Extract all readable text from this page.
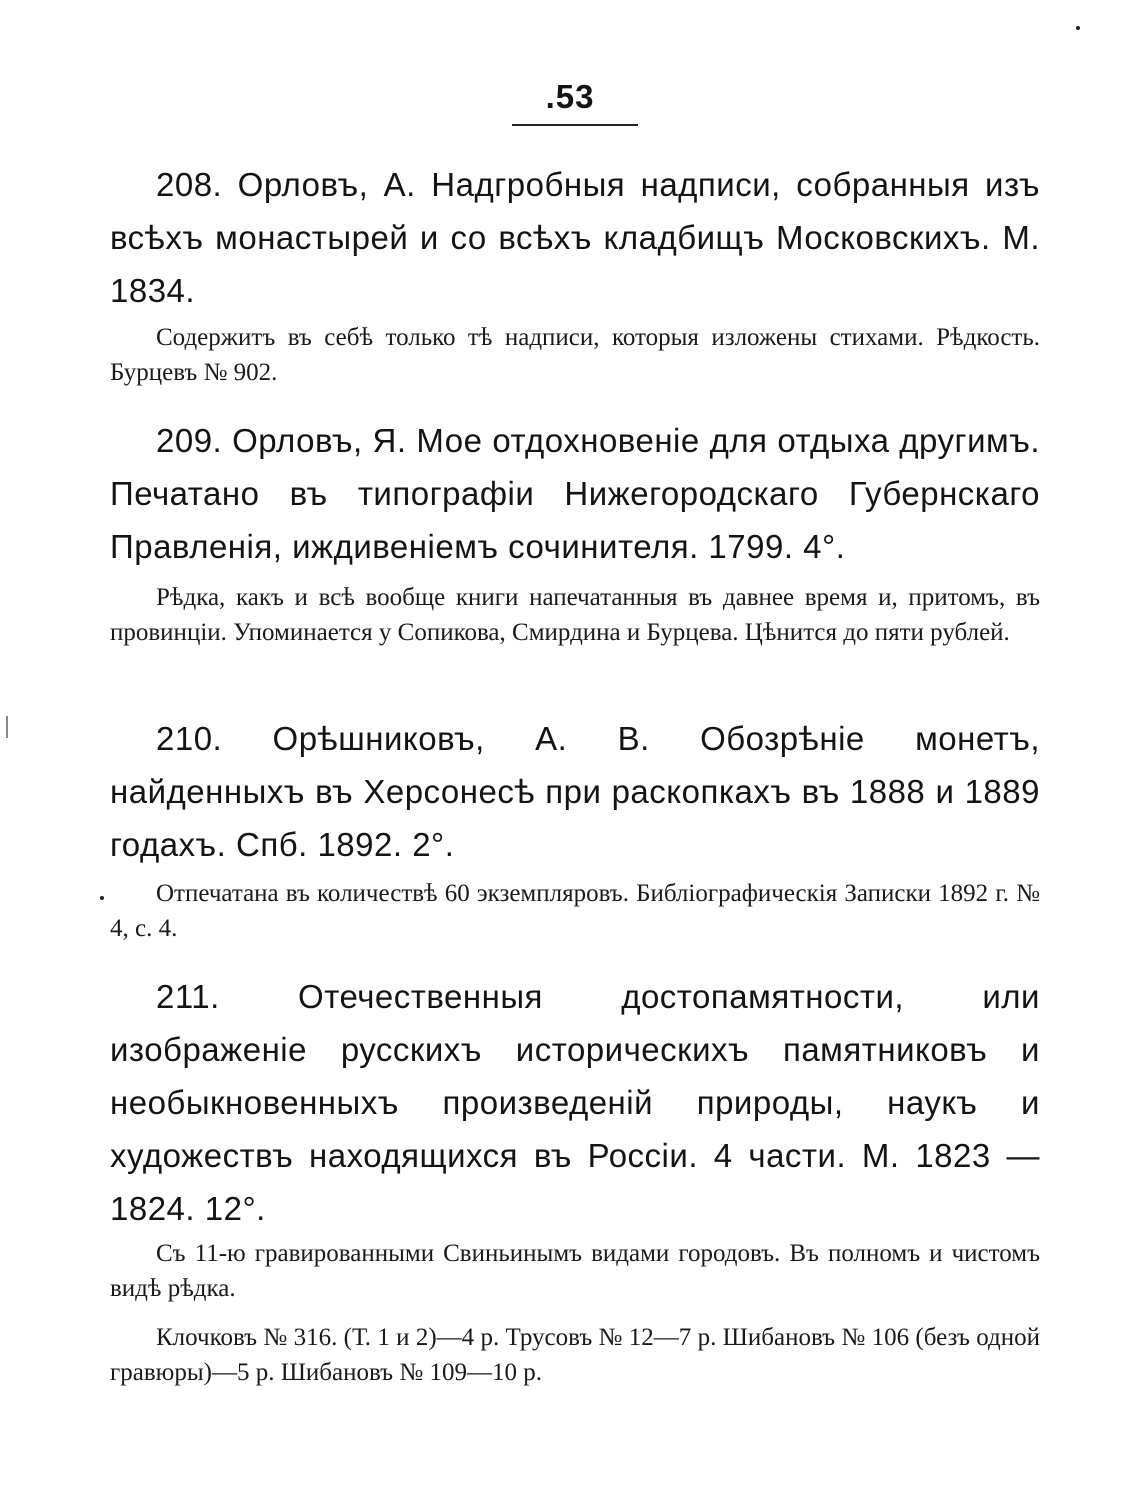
.53
208. Орловъ, А. Надгробныя надписи, собранныя изъ всѣхъ монастырей и со всѣхъ кладбищъ Московскихъ. М. 1834.
Содержитъ въ себѣ только тѣ надписи, которыя изложены стихами. Рѣдкость. Бурцевъ № 902.
209. Орловъ, Я. Мое отдохновеніе для отдыха другимъ. Печатано въ типографіи Нижегородскаго Губернскаго Правленія, иждивеніемъ сочинителя. 1799. 4°.
Рѣдка, какъ и всѣ вообще книги напечатанныя въ давнее время и, притомъ, въ провинціи. Упоминается у Сопикова, Смирдина и Бурцева. Цѣнится до пяти рублей.
210. Орѣшниковъ, А. В. Обозрѣніе монетъ, найденныхъ въ Херсонесѣ при раскопкахъ въ 1888 и 1889 годахъ. Спб. 1892. 2°.
Отпечатана въ количествѣ 60 экземпляровъ. Библіографическія Записки 1892 г. № 4, с. 4.
211. Отечественныя достопамятности, или изображеніе русскихъ историческихъ памятниковъ и необыкновенныхъ произведеній природы, наукъ и художествъ находящихся въ Россіи. 4 части. М. 1823 — 1824. 12°.
Съ 11-ю гравированными Свиньинымъ видами городовъ. Въ полномъ и чистомъ видѣ рѣдка.
Клочковъ № 316. (Т. 1 и 2)—4 р. Трусовъ № 12—7 р. Шибановъ № 106 (безъ одной гравюры)—5 р. Шибановъ № 109—10 р.
